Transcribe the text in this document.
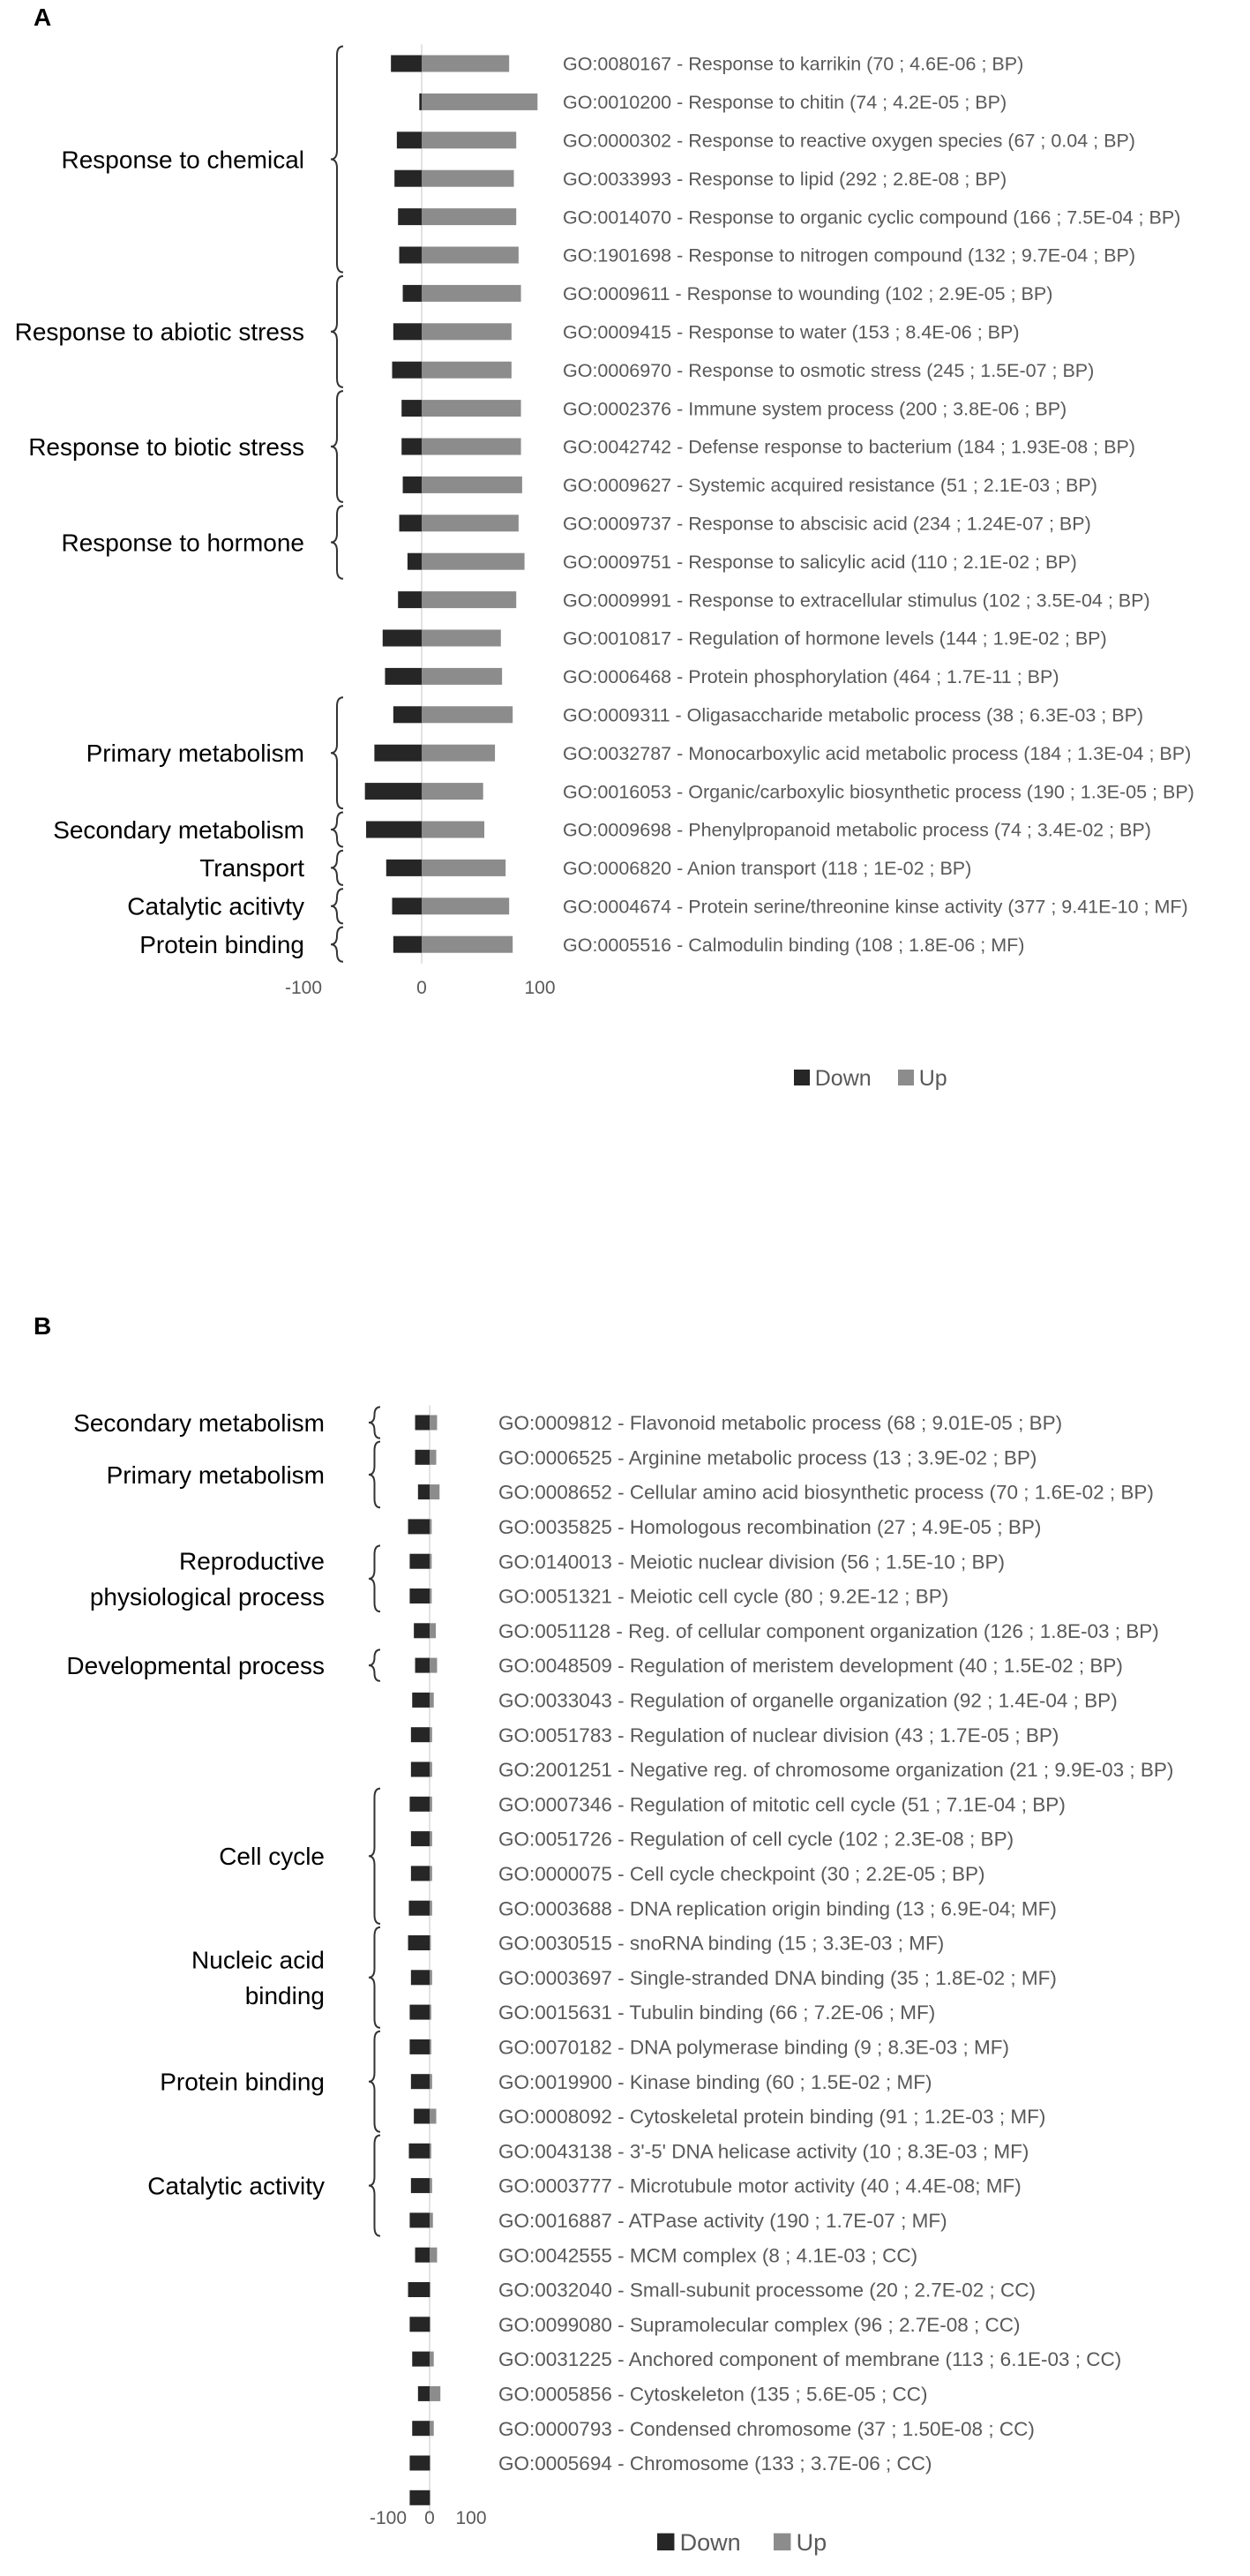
A
GO:0080167 - Response to karrikin (70 ; 4.6E-06 ; BP)
GO:0010200 - Response to chitin (74 ; 4.2E-05 ; BP)
GO:0000302 - Response to reactive oxygen species (67 ; 0.04 ; BP)
GO:0033993 - Response to lipid (292 ; 2.8E-08 ; BP)
GO:0014070 - Response to organic cyclic compound (166 ; 7.5E-04 ; BP)
GO:1901698 - Response to nitrogen compound (132 ; 9.7E-04 ; BP)
GO:0009611 - Response to wounding (102 ; 2.9E-05 ; BP)
GO:0009415 - Response to water (153 ; 8.4E-06 ; BP)
GO:0006970 - Response to osmotic stress (245 ; 1.5E-07 ; BP)
GO:0002376 - Immune system process (200 ; 3.8E-06 ; BP)
GO:0042742 - Defense response to bacterium (184 ; 1.93E-08 ; BP)
GO:0009627 - Systemic acquired resistance (51 ; 2.1E-03 ; BP)
GO:0009737 - Response to abscisic acid (234 ; 1.24E-07 ; BP)
GO:0009751 - Response to salicylic acid (110 ; 2.1E-02 ; BP)
GO:0009991 - Response to extracellular stimulus (102 ; 3.5E-04 ; BP)
GO:0010817 - Regulation of hormone levels (144 ; 1.9E-02 ; BP)
GO:0006468 - Protein phosphorylation (464 ; 1.7E-11 ; BP)
GO:0009311 - Oligasaccharide metabolic process (38 ; 6.3E-03 ; BP)
GO:0032787 - Monocarboxylic acid metabolic process (184 ; 1.3E-04 ; BP)
GO:0016053 - Organic/carboxylic biosynthetic process (190 ; 1.3E-05 ; BP)
GO:0009698 - Phenylpropanoid metabolic process (74 ; 3.4E-02 ; BP)
GO:0006820 - Anion transport (118 ; 1E-02 ; BP)
GO:0004674 - Protein serine/threonine kinse activity (377 ; 9.41E-10 ; MF)
GO:0005516 - Calmodulin binding (108 ; 1.8E-06 ; MF)
Response to chemical
Response to abiotic stress
Response to biotic stress
Response to hormone
Primary metabolism
Secondary metabolism
Transport
Catalytic acitivty
Protein binding
-100	0	100
Down Up
B
GO:0009812 - Flavonoid metabolic process (68 ; 9.01E-05 ; BP)
GO:0006525 - Arginine metabolic process (13 ; 3.9E-02 ; BP)
GO:0008652 - Cellular amino acid biosynthetic process (70 ; 1.6E-02 ; BP)
GO:0035825 - Homologous recombination (27 ; 4.9E-05 ; BP)
GO:0140013 - Meiotic nuclear division (56 ; 1.5E-10 ; BP)
GO:0051321 - Meiotic cell cycle (80 ; 9.2E-12 ; BP)
GO:0051128 - Reg. of cellular component organization (126 ; 1.8E-03 ; BP)
GO:0048509 - Regulation of meristem development (40 ; 1.5E-02 ; BP)
GO:0033043 - Regulation of organelle organization (92 ; 1.4E-04 ; BP)
GO:0051783 - Regulation of nuclear division (43 ; 1.7E-05 ; BP)
GO:2001251 - Negative reg. of chromosome organization (21 ; 9.9E-03 ; BP)
GO:0007346 - Regulation of mitotic cell cycle (51 ; 7.1E-04 ; BP)
GO:0051726 - Regulation of cell cycle (102 ; 2.3E-08 ; BP)
GO:0000075 - Cell cycle checkpoint (30 ; 2.2E-05 ; BP)
GO:0003688 - DNA replication origin binding (13 ; 6.9E-04; MF)
GO:0030515 - snoRNA binding (15 ; 3.3E-03 ; MF)
GO:0003697 - Single-stranded DNA binding (35 ; 1.8E-02 ; MF)
GO:0015631 - Tubulin binding (66 ; 7.2E-06 ; MF)
GO:0070182 - DNA polymerase binding (9 ; 8.3E-03 ; MF)
GO:0019900 - Kinase binding (60 ; 1.5E-02 ; MF)
GO:0008092 - Cytoskeletal protein binding (91 ; 1.2E-03 ; MF)
GO:0043138 - 3'-5' DNA helicase activity (10 ; 8.3E-03 ; MF)
GO:0003777 - Microtubule motor activity (40 ; 4.4E-08; MF)
GO:0016887 - ATPase activity (190 ; 1.7E-07 ; MF)
GO:0042555 - MCM complex (8 ; 4.1E-03 ; CC)
GO:0032040 - Small-subunit processome (20 ; 2.7E-02 ; CC)
GO:0099080 - Supramolecular complex (96 ; 2.7E-08 ; CC)
GO:0031225 - Anchored component of membrane (113 ; 6.1E-03 ; CC)
GO:0005856 - Cytoskeleton (135 ; 5.6E-05 ; CC)
GO:0000793 - Condensed chromosome (37 ; 1.50E-08 ; CC)
GO:0005694 - Chromosome (133 ; 3.7E-06 ; CC)
Secondary metabolism
Primary metabolism
Reproductive
physiological process
Developmental process
Cell cycle
Nucleic acid
binding
Protein binding
Catalytic activity
-100 0 100
Down Up
